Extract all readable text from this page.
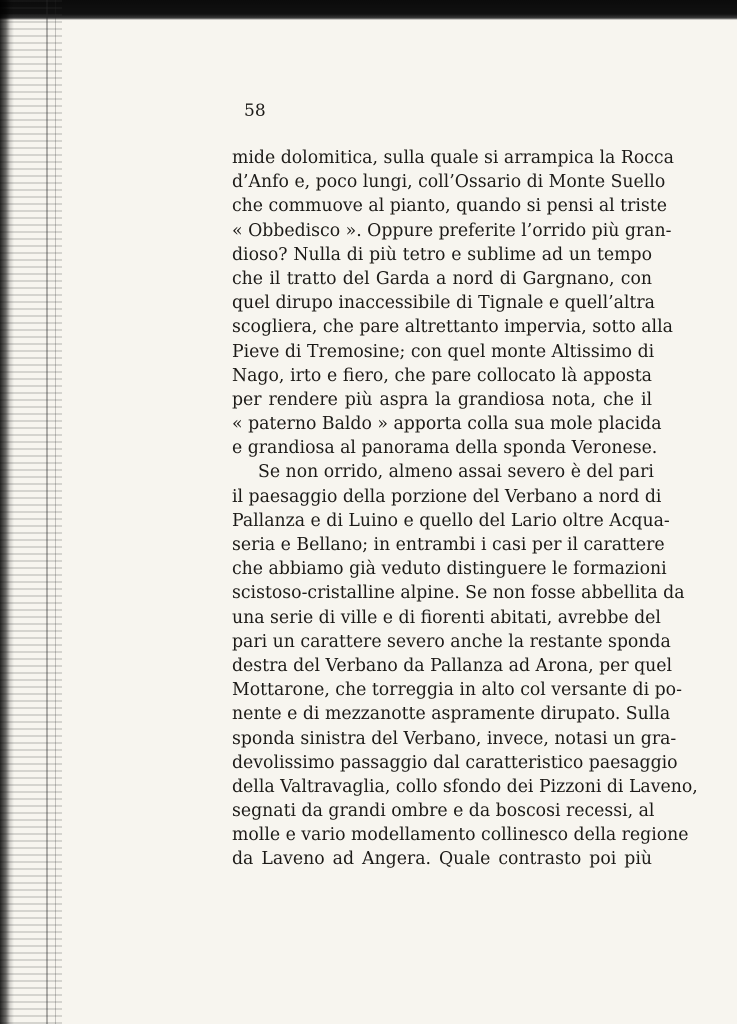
58
mide dolomitica, sulla quale si arrampica la Rocca
d’Anfo e, poco lungi, coll’Ossario di Monte Suello
che commuove al pianto, quando si pensi al triste
« Obbedisco ». Oppure preferite l’orrido più gran-
dioso? Nulla di più tetro e sublime ad un tempo
che il tratto del Garda a nord di Gargnano, con
quel dirupo inaccessibile di Tignale e quell’altra
scogliera, che pare altrettanto impervia, sotto alla
Pieve di Tremosine; con quel monte Altissimo di
Nago, irto e fiero, che pare collocato là apposta
per rendere più aspra la grandiosa nota, che il
« paterno Baldo » apporta colla sua mole placida
e grandiosa al panorama della sponda Veronese.
Se non orrido, almeno assai severo è del pari
il paesaggio della porzione del Verbano a nord di
Pallanza e di Luino e quello del Lario oltre Acqua-
seria e Bellano; in entrambi i casi per il carattere
che abbiamo già veduto distinguere le formazioni
scistoso-cristalline alpine. Se non fosse abbellita da
una serie di ville e di fiorenti abitati, avrebbe del
pari un carattere severo anche la restante sponda
destra del Verbano da Pallanza ad Arona, per quel
Mottarone, che torreggia in alto col versante di po-
nente e di mezzanotte aspramente dirupato. Sulla
sponda sinistra del Verbano, invece, notasi un gra-
devolissimo passaggio dal caratteristico paesaggio
della Valtravaglia, collo sfondo dei Pizzoni di Laveno,
segnati da grandi ombre e da boscosi recessi, al
molle e vario modellamento collinesco della regione
da Laveno ad Angera. Quale contrasto poi più
